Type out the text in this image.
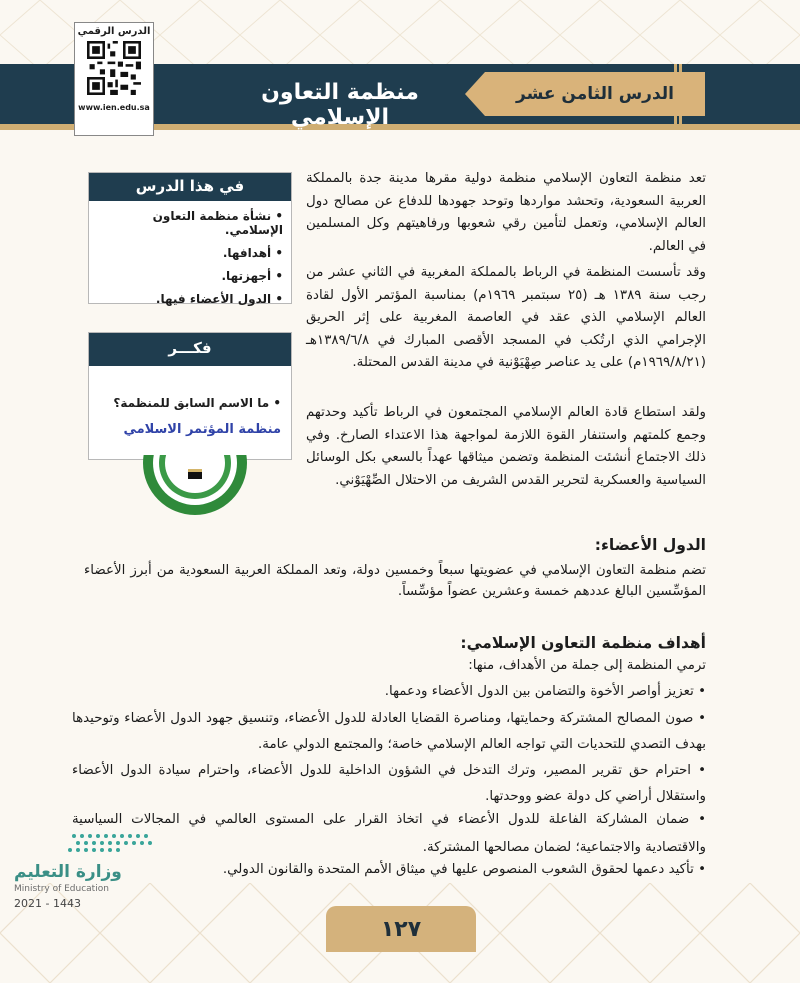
الدرس الثامن عشر
منظمة التعاون الإسلامي
الدرس الرقمي
www.ien.edu.sa
في هذا الدرس
• نشأة منظمة التعاون الإسلامي.
• أهدافها.
• أجهزتها.
• الدول الأعضاء فيها.
فكـــر
• ما الاسم السابق للمنظمة؟
منظمة المؤتمر الاسلامي
تعد منظمة التعاون الإسلامي منظمة دولية مقرها مدينة جدة بالمملكة العربية السعودية، وتحشد مواردها وتوحد جهودها للدفاع عن مصالح دول العالم الإسلامي، وتعمل لتأمين رقي شعوبها ورفاهيتهم وكل المسلمين في العالم.
وقد تأسست المنظمة في الرباط بالمملكة المغربية في الثاني عشر من رجب سنة ١٣٨٩ هـ (٢٥ سبتمبر ١٩٦٩م) بمناسبة المؤتمر الأول لقادة العالم الإسلامي الذي عقد في العاصمة المغربية على إثر الحريق الإجرامي الذي ارتُكب في المسجد الأقصى المبارك في ١٣٨٩/٦/٨هـ (١٩٦٩/٨/٢١م) على يد عناصر صِهْيَوْنية في مدينة القدس المحتلة.
ولقد استطاع قادة العالم الإسلامي المجتمعون في الرباط تأكيد وحدتهم وجمع كلمتهم واستنفار القوة اللازمة لمواجهة هذا الاعتداء الصارخ. وفي ذلك الاجتماع أنشئت المنظمة وتضمن ميثاقها عهداً بالسعي بكل الوسائل السياسية والعسكرية لتحرير القدس الشريف من الاحتلال الصِّهْيَوْني.
الدول الأعضاء:
تضم منظمة التعاون الإسلامي في عضويتها سبعاً وخمسين دولة، وتعد المملكة العربية السعودية من أبرز الأعضاء المؤسِّسين البالغ عددهم خمسة وعشرين عضواً مؤسِّساً.
أهداف منظمة التعاون الإسلامي:
ترمي المنظمة إلى جملة من الأهداف، منها:
• تعزيز أواصر الأخوة والتضامن بين الدول الأعضاء ودعمها.
• صون المصالح المشتركة وحمايتها، ومناصرة القضايا العادلة للدول الأعضاء، وتنسيق جهود الدول الأعضاء وتوحيدها بهدف التصدي للتحديات التي تواجه العالم الإسلامي خاصة؛ والمجتمع الدولي عامة.
• احترام حق تقرير المصير، وترك التدخل في الشؤون الداخلية للدول الأعضاء، واحترام سيادة الدول الأعضاء واستقلال أراضي كل دولة عضو ووحدتها.
• ضمان المشاركة الفاعلة للدول الأعضاء في اتخاذ القرار على المستوى العالمي في المجالات السياسية والاقتصادية والاجتماعية؛ لضمان مصالحها المشتركة.
• تأكيد دعمها لحقوق الشعوب المنصوص عليها في ميثاق الأمم المتحدة والقانون الدولي.
وزارة التعليم
Ministry of Education
2021 - 1443
١٢٧
